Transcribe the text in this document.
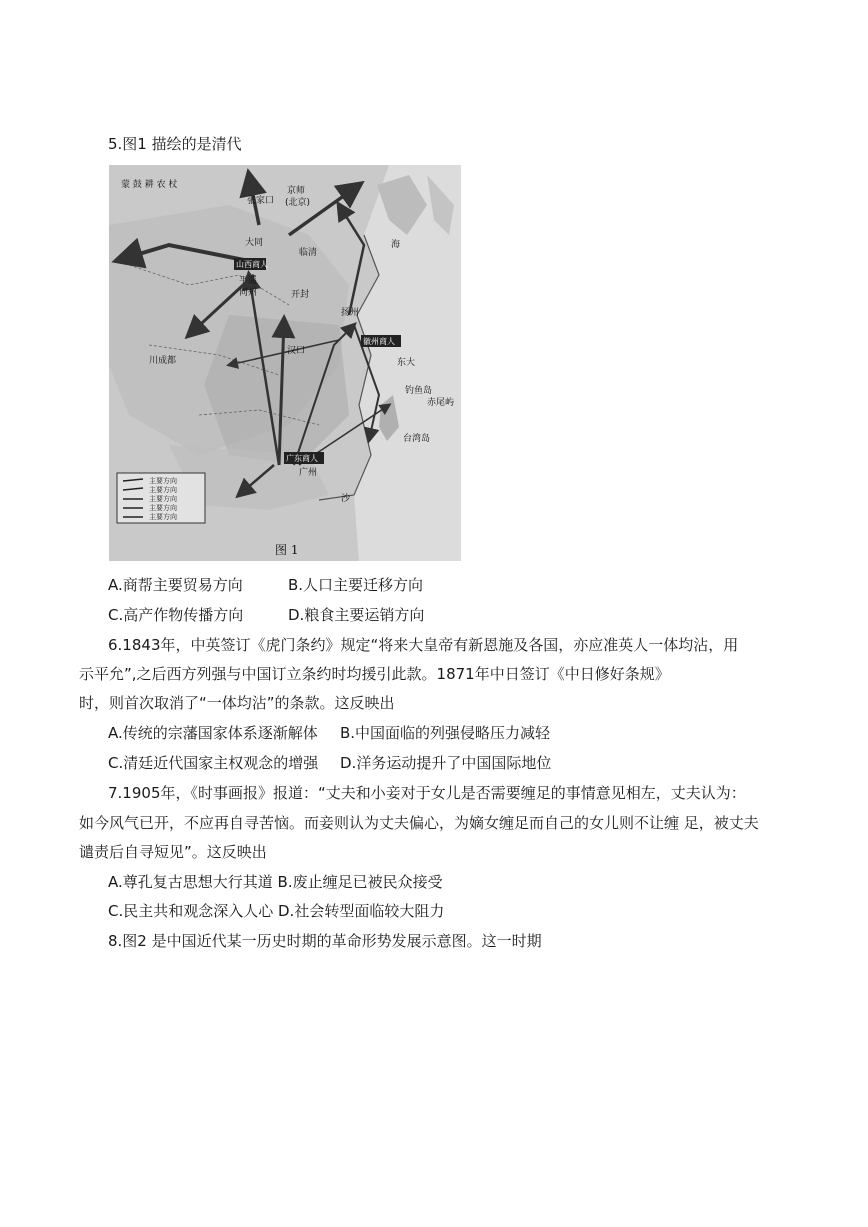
5.图1 描绘的是清代
主要方向
主要方向
主要方向
主要方向
主要方向
蒙 鼓 耕 农 杖
张家口
京师
(北京)
山西商人
平遥
大同
临清
同州	开封
扬州
徽州商人
汉口
川成都	东大
钓鱼岛
赤尾屿
台湾岛
广东商人
广州
海
沙
图 1
A.商帮主要贸易方向	B.人口主要迁移方向
C.高产作物传播方向	D.粮食主要运销方向
6.1843年，中英签订《虎门条约》规定“将来大皇帝有新恩施及各国，亦应准英人一体均沾，用
示平允”,之后西方列强与中国订立条约时均援引此款。1871年中日签订《中日修好条规》
时，则首次取消了“一体均沾”的条款。这反映出
A.传统的宗藩国家体系逐渐解体 B.中国面临的列强侵略压力减轻
C.清廷近代国家主权观念的增强 D.洋务运动提升了中国国际地位
7.1905年，《时事画报》报道：“丈夫和小妾对于女儿是否需要缠足的事情意见相左，丈夫认为：
如今风气已开，不应再自寻苦恼。而妾则认为丈夫偏心，为嫡女缠足而自己的女儿则不让缠 足，被丈夫
谴责后自寻短见”。这反映出
A.尊孔复古思想大行其道 B.废止缠足已被民众接受
C.民主共和观念深入人心 D.社会转型面临较大阻力
8.图2 是中国近代某一历史时期的革命形势发展示意图。这一时期
